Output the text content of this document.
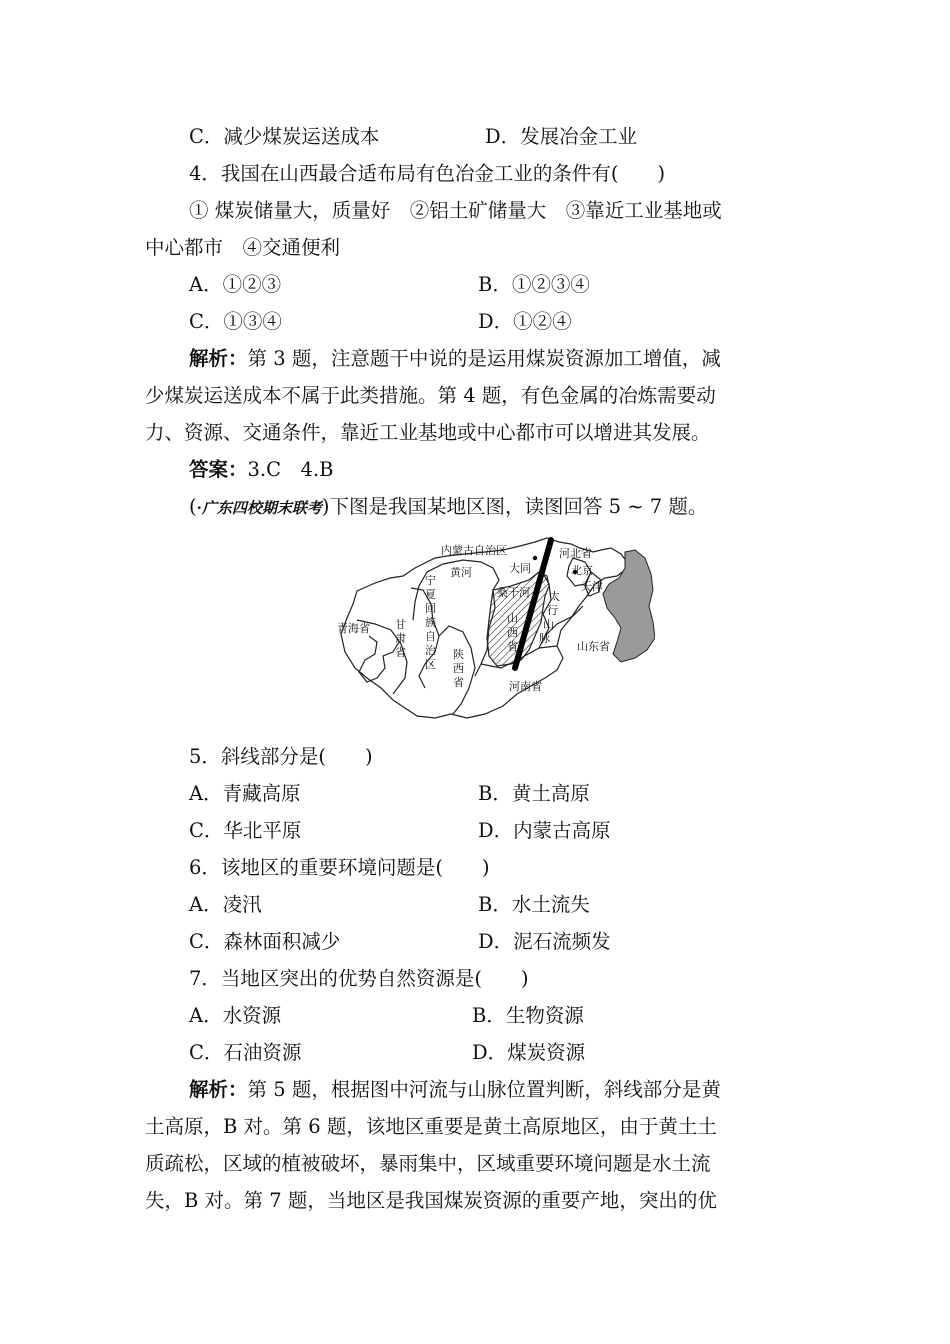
C．减少煤炭运送成本	D．发展冶金工业
4．我国在山西最合适布局有色冶金工业的条件有(　　)
① 煤炭储量大，质量好　②铝土矿储量大　③靠近工业基地或
中心都市　④交通便利
A．①②③	B．①②③④
C．①③④	D．①②④
解析：第 3 题，注意题干中说的是运用煤炭资源加工增值，减
少煤炭运送成本不属于此类措施。第 4 题，有色金属的冶炼需要动
力、资源、交通条件，靠近工业基地或中心都市可以增进其发展。
答案：3.C　4.B
(·广东四校期末联考)下图是我国某地区图，读图回答 5 ~ 7 题。
内蒙古自治区	河北省
大同	北京
天津
黄河
桑干河 太
行
山
脉
宁
夏
回
族
自
治
区
山
西
省
青海省 甘
肃
省	陕
西
省	河南省
山东省
5．斜线部分是(　　)
A．青藏高原	B．黄土高原
C．华北平原	D．内蒙古高原
6．该地区的重要环境问题是(　　)
A．凌汛	B．水土流失
C．森林面积减少	D．泥石流频发
7．当地区突出的优势自然资源是(　　)
A．水资源	B．生物资源
C．石油资源	D．煤炭资源
解析：第 5 题，根据图中河流与山脉位置判断，斜线部分是黄
土高原，B 对。第 6 题，该地区重要是黄土高原地区，由于黄土土
质疏松，区域的植被破坏，暴雨集中，区域重要环境问题是水土流
失，B 对。第 7 题，当地区是我国煤炭资源的重要产地，突出的优
